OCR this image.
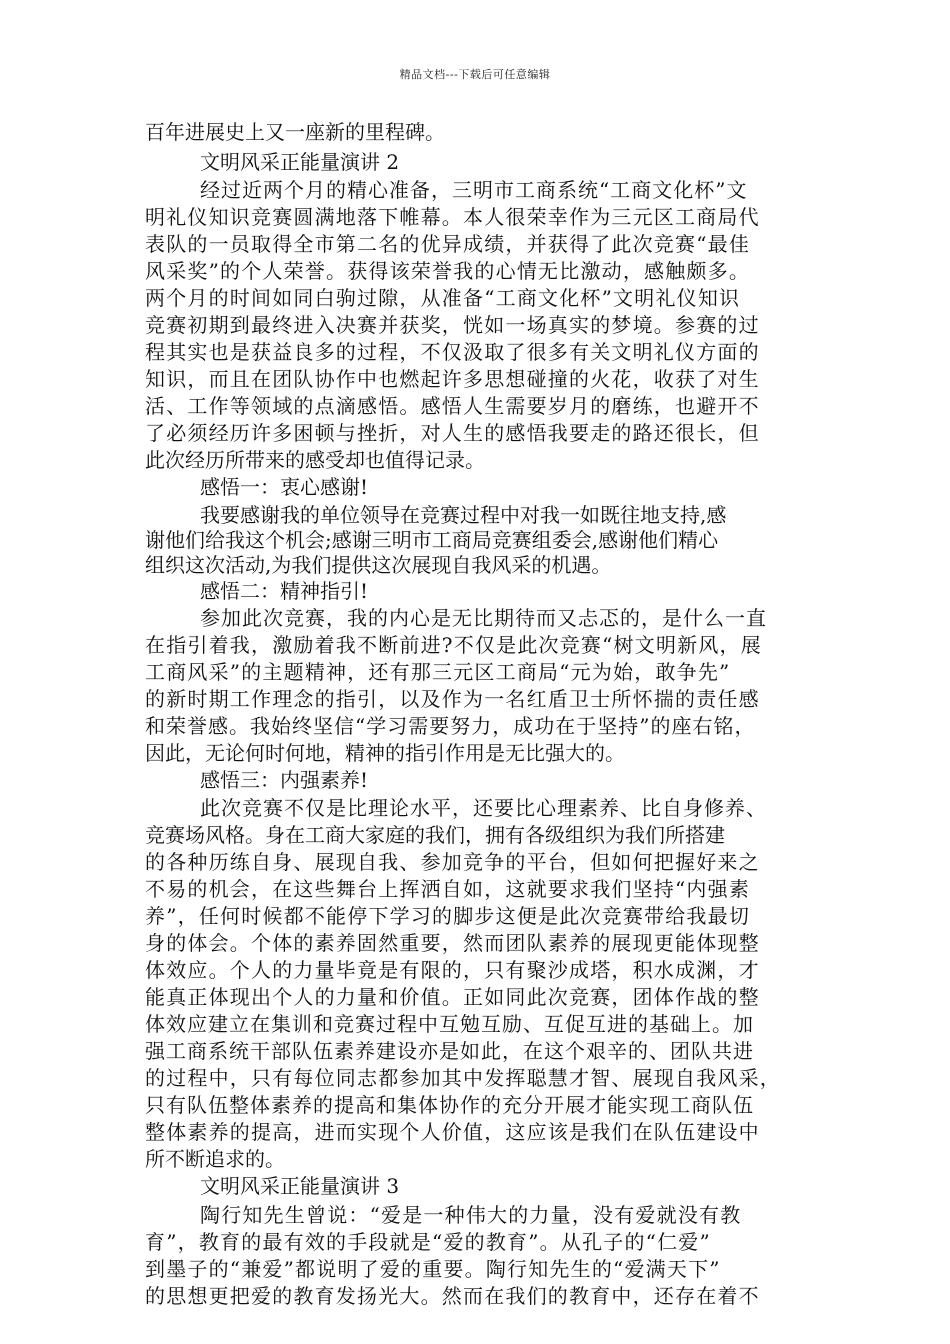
精品文档---下载后可任意编辑
百年进展史上又一座新的里程碑。
文明风采正能量演讲 2
经过近两个月的精心准备，三明市工商系统“工商文化杯”文
明礼仪知识竞赛圆满地落下帷幕。本人很荣幸作为三元区工商局代
表队的一员取得全市第二名的优异成绩，并获得了此次竞赛“最佳
风采奖”的个人荣誉。获得该荣誉我的心情无比激动，感触颇多。
两个月的时间如同白驹过隙，从准备“工商文化杯”文明礼仪知识
竞赛初期到最终进入决赛并获奖，恍如一场真实的梦境。参赛的过
程其实也是获益良多的过程，不仅汲取了很多有关文明礼仪方面的
知识，而且在团队协作中也燃起许多思想碰撞的火花，收获了对生
活、工作等领域的点滴感悟。感悟人生需要岁月的磨练，也避开不
了必须经历许多困顿与挫折，对人生的感悟我要走的路还很长，但
此次经历所带来的感受却也值得记录。
感悟一：衷心感谢!
我要感谢我的单位领导在竞赛过程中对我一如既往地支持,感
谢他们给我这个机会;感谢三明市工商局竞赛组委会,感谢他们精心
组织这次活动,为我们提供这次展现自我风采的机遇。
感悟二：精神指引!
参加此次竞赛，我的内心是无比期待而又忐忑的，是什么一直
在指引着我，激励着我不断前进?不仅是此次竞赛“树文明新风，展
工商风采”的主题精神，还有那三元区工商局“元为始，敢争先”
的新时期工作理念的指引，以及作为一名红盾卫士所怀揣的责任感
和荣誉感。我始终坚信“学习需要努力，成功在于坚持”的座右铭，
因此，无论何时何地，精神的指引作用是无比强大的。
感悟三：内强素养!
此次竞赛不仅是比理论水平，还要比心理素养、比自身修养、
竞赛场风格。身在工商大家庭的我们，拥有各级组织为我们所搭建
的各种历练自身、展现自我、参加竞争的平台，但如何把握好来之
不易的机会，在这些舞台上挥洒自如，这就要求我们坚持“内强素
养”，任何时候都不能停下学习的脚步这便是此次竞赛带给我最切
身的体会。个体的素养固然重要，然而团队素养的展现更能体现整
体效应。个人的力量毕竟是有限的，只有聚沙成塔，积水成渊，才
能真正体现出个人的力量和价值。正如同此次竞赛，团体作战的整
体效应建立在集训和竞赛过程中互勉互励、互促互进的基础上。加
强工商系统干部队伍素养建设亦是如此，在这个艰辛的、团队共进
的过程中，只有每位同志都参加其中发挥聪慧才智、展现自我风采，
只有队伍整体素养的提高和集体协作的充分开展才能实现工商队伍
整体素养的提高，进而实现个人价值，这应该是我们在队伍建设中
所不断追求的。
文明风采正能量演讲 3
陶行知先生曾说：“爱是一种伟大的力量，没有爱就没有教
育”，教育的最有效的手段就是“爱的教育”。从孔子的“仁爱”
到墨子的“兼爱”都说明了爱的重要。陶行知先生的“爱满天下”
的思想更把爱的教育发扬光大。然而在我们的教育中，还存在着不
